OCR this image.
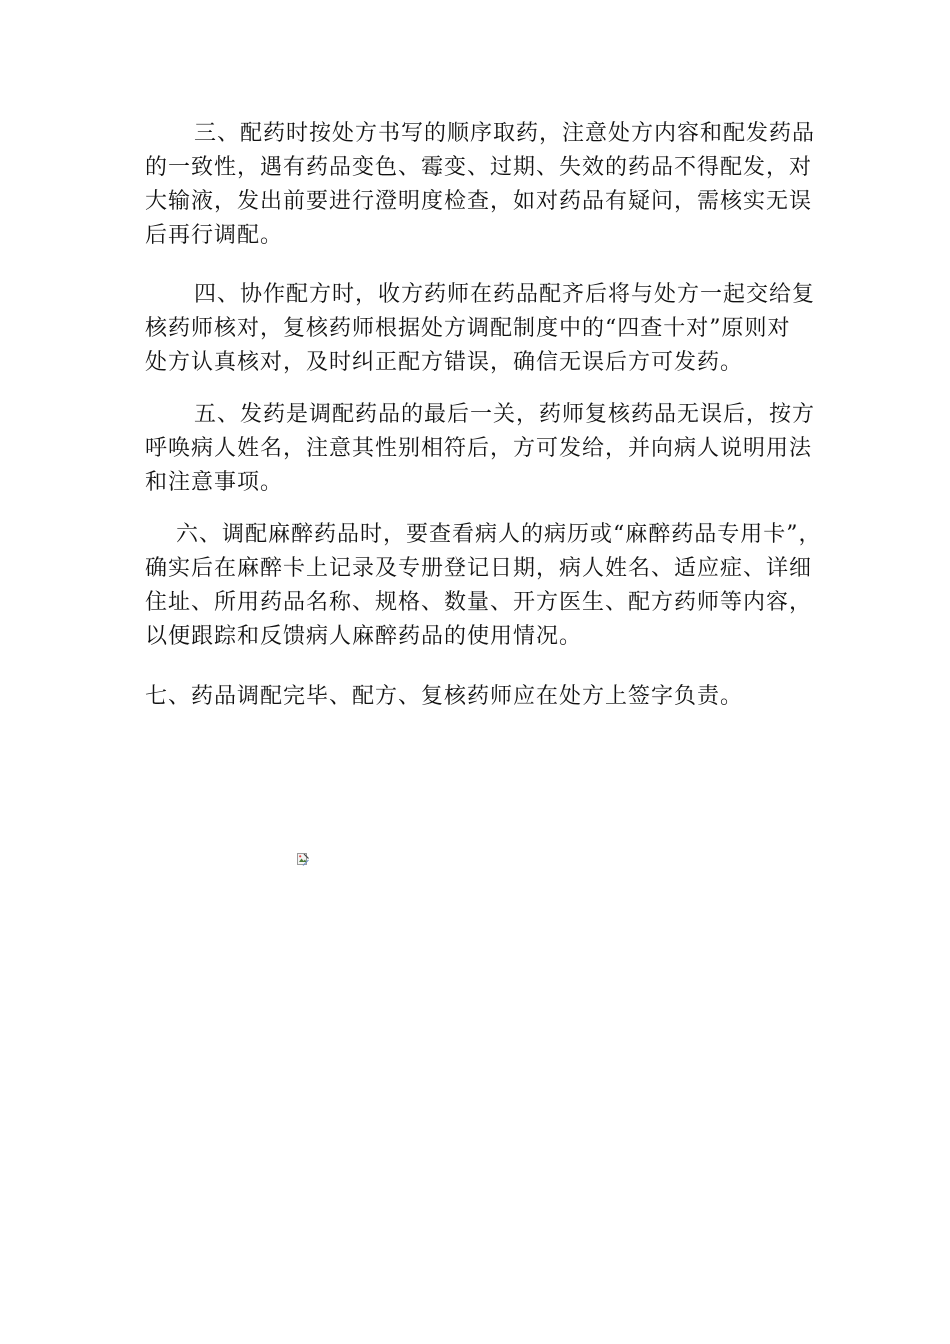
三、配药时按处方书写的顺序取药，注意处方内容和配发药品
的一致性，遇有药品变色、霉变、过期、失效的药品不得配发，对
大输液，发出前要进行澄明度检查，如对药品有疑问，需核实无误
后再行调配。
四、协作配方时，收方药师在药品配齐后将与处方一起交给复
核药师核对，复核药师根据处方调配制度中的“四查十对”原则对
处方认真核对，及时纠正配方错误，确信无误后方可发药。
五、发药是调配药品的最后一关，药师复核药品无误后，按方
呼唤病人姓名，注意其性别相符后，方可发给，并向病人说明用法
和注意事项。
六、调配麻醉药品时，要查看病人的病历或“麻醉药品专用卡”，
确实后在麻醉卡上记录及专册登记日期，病人姓名、适应症、详细
住址、所用药品名称、规格、数量、开方医生、配方药师等内容，
以便跟踪和反馈病人麻醉药品的使用情况。
七、药品调配完毕、配方、复核药师应在处方上签字负责。
